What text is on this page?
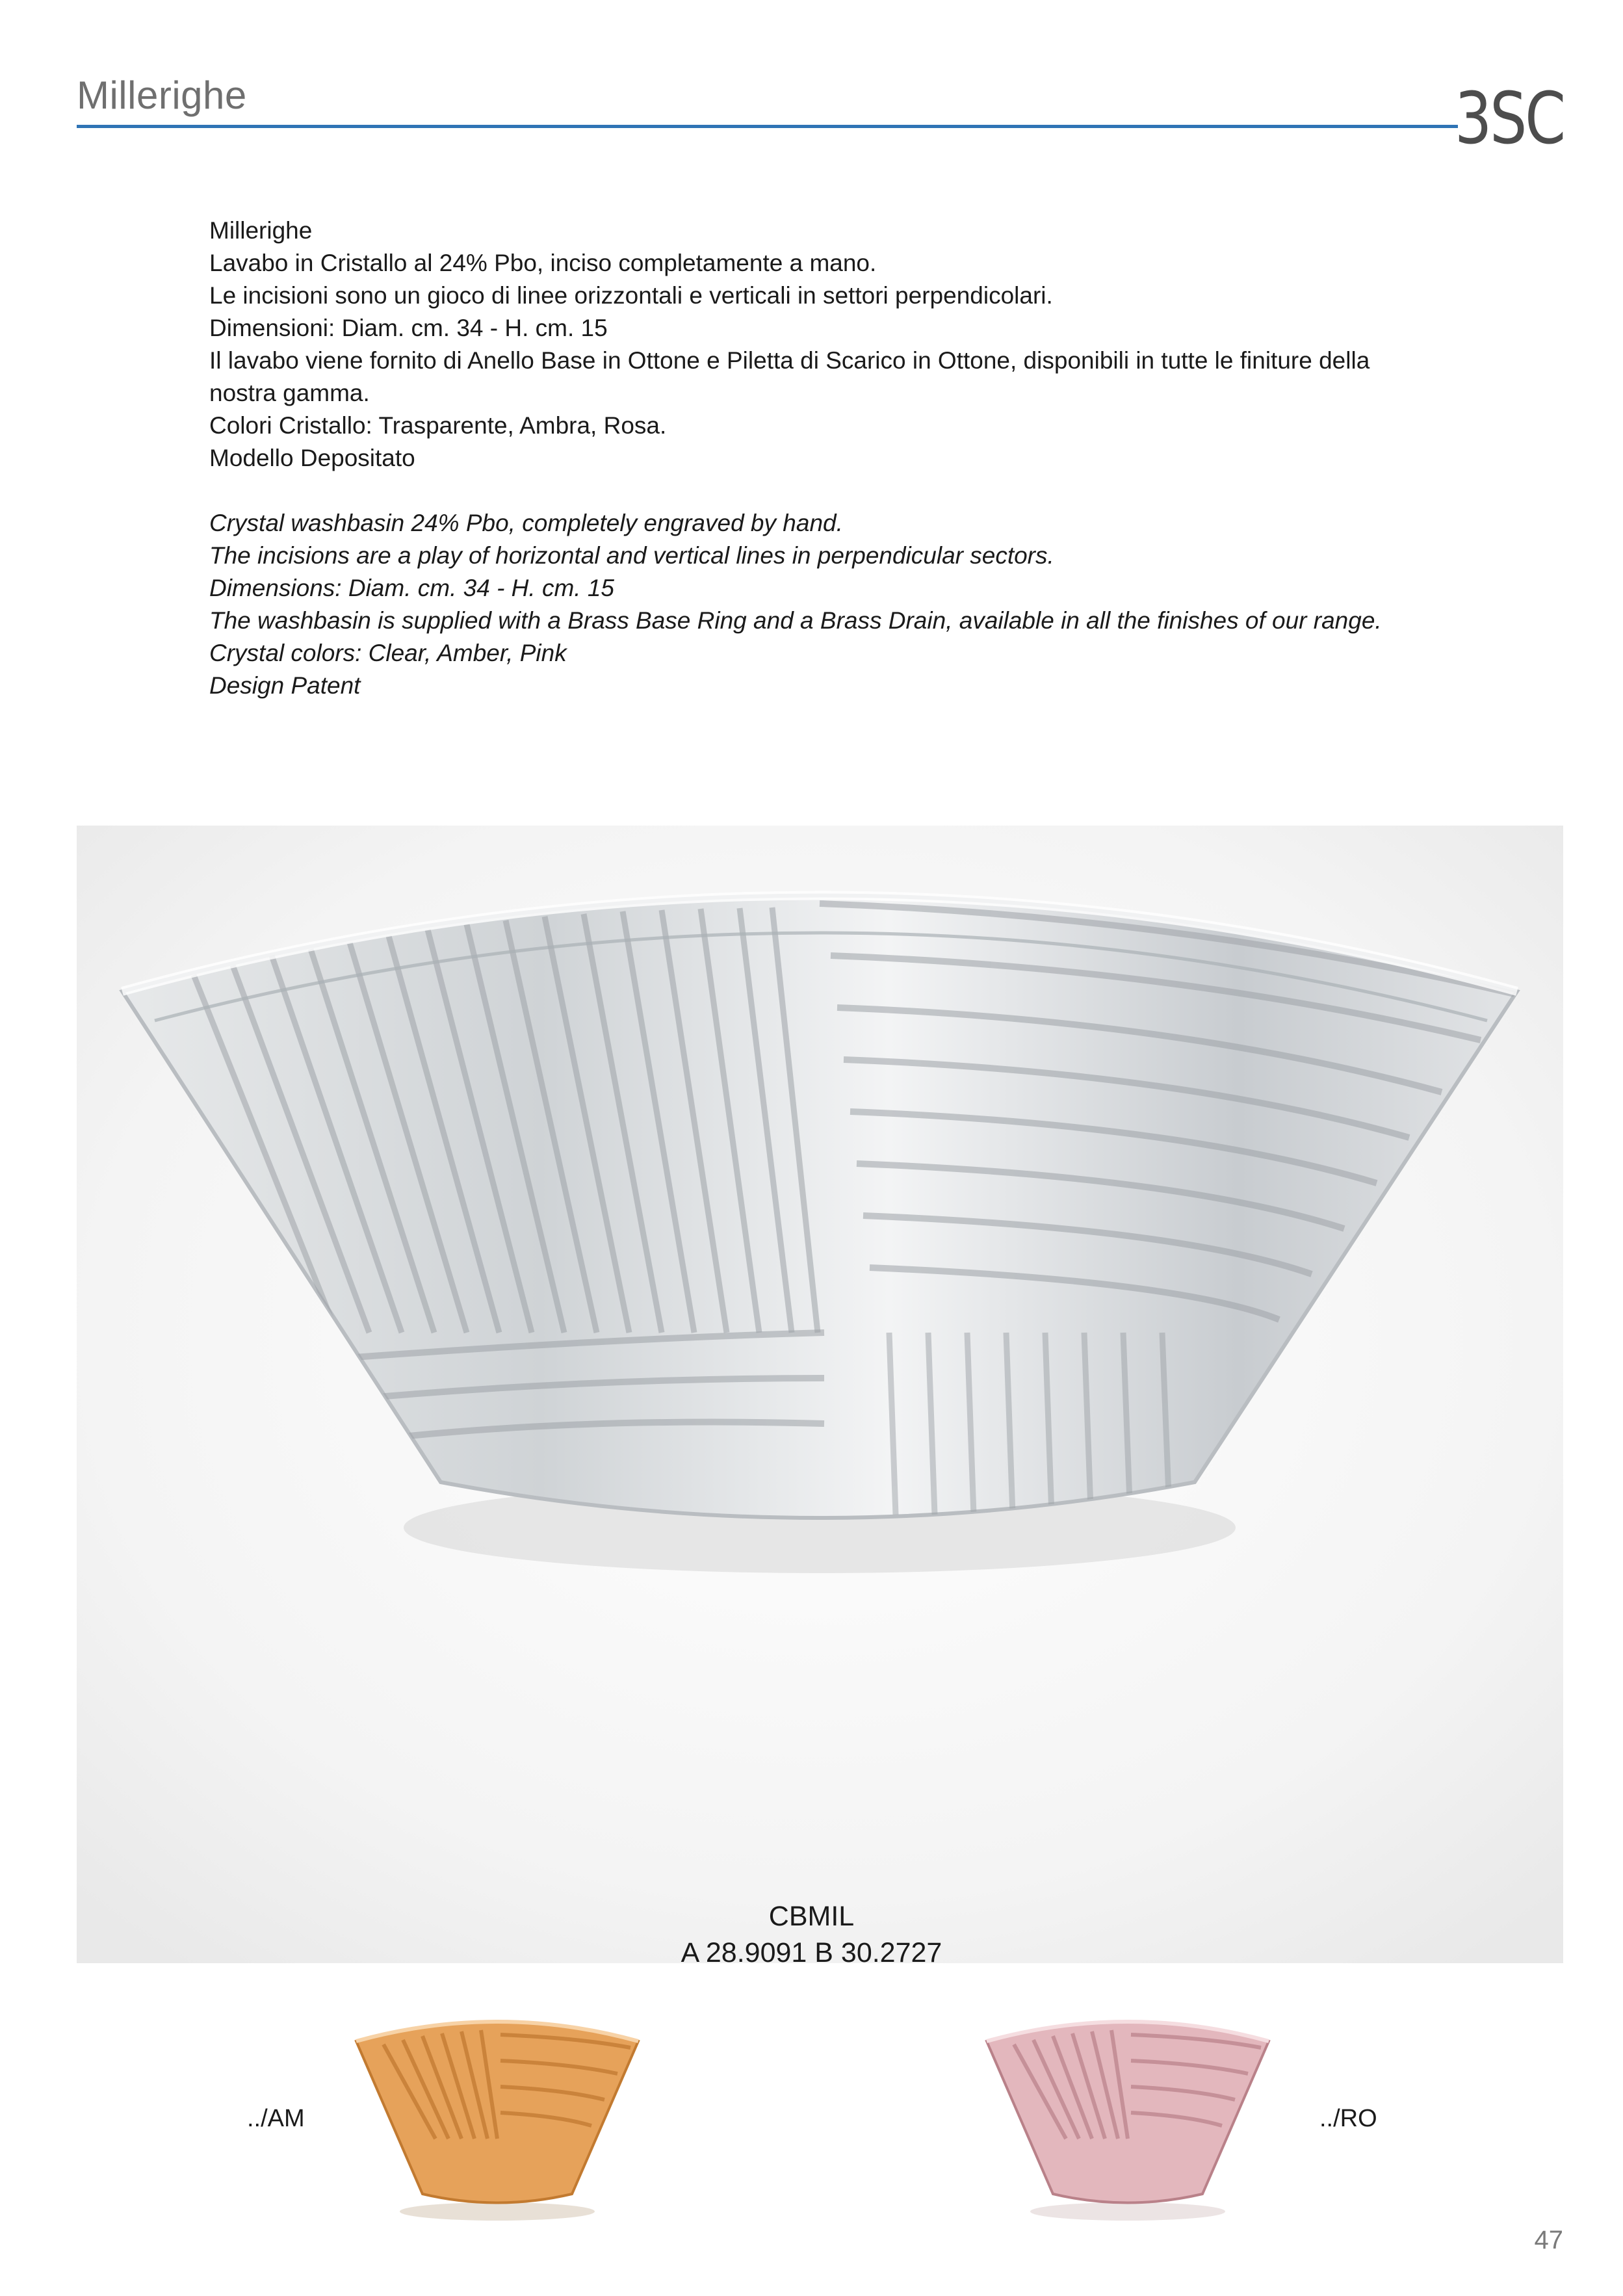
Millerighe	3SC

Millerighe

Lavabo in Cristallo al 24% Pbo, inciso completamente a mano.

Le incisioni sono un gioco di linee orizzontali e verticali in settori perpendicolari.

Dimensioni: Diam. cm. 34 - H. cm. 15

Il lavabo viene fornito di Anello Base in Ottone e Piletta di Scarico in Ottone, disponibili in tutte le finiture della

nostra gamma.

Colori Cristallo: Trasparente, Ambra, Rosa.

Modello Depositato

Crystal washbasin 24% Pbo, completely engraved by hand.

The incisions are a play of horizontal and vertical lines in perpendicular sectors.

Dimensions: Diam. cm. 34 - H. cm. 15

The washbasin is supplied with a Brass Base Ring and a Brass Drain, available in all the finishes of our range.

Crystal colors: Clear, Amber, Pink

Design Patent

CBMIL
A 28.9091 B 30.2727
../AM	../RO
47
